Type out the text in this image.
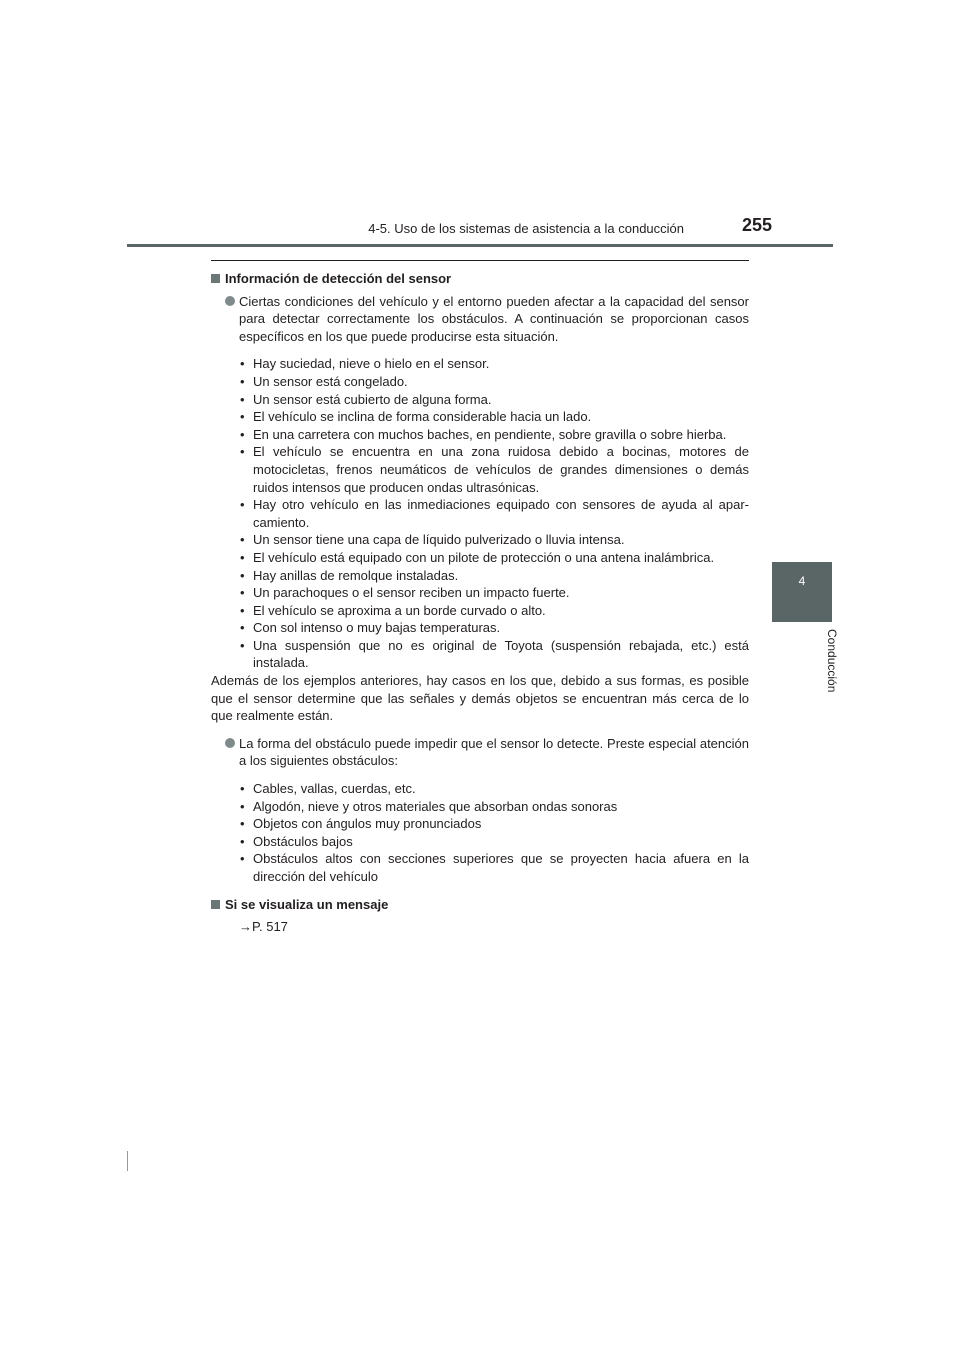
4-5. Uso de los sistemas de asistencia a la conducción	255
4
Conducción
Información de detección del sensor
Ciertas condiciones del vehículo y el entorno pueden afectar a la capacidad del sensor para detectar correctamente los obstáculos. A continuación se proporcionan casos específicos en los que puede producirse esta situación.
• Hay suciedad, nieve o hielo en el sensor.
• Un sensor está congelado.
• Un sensor está cubierto de alguna forma.
• El vehículo se inclina de forma considerable hacia un lado.
• En una carretera con muchos baches, en pendiente, sobre gravilla o sobre hierba.
• El vehículo se encuentra en una zona ruidosa debido a bocinas, motores de motocicletas, frenos neumáticos de vehículos de grandes dimensiones o demás ruidos intensos que producen ondas ultrasónicas.
• Hay otro vehículo en las inmediaciones equipado con sensores de ayuda al aparcamiento.
• Un sensor tiene una capa de líquido pulverizado o lluvia intensa.
• El vehículo está equipado con un pilote de protección o una antena inalámbrica.
• Hay anillas de remolque instaladas.
• Un parachoques o el sensor reciben un impacto fuerte.
• El vehículo se aproxima a un borde curvado o alto.
• Con sol intenso o muy bajas temperaturas.
• Una suspensión que no es original de Toyota (suspensión rebajada, etc.) está instalada.
Además de los ejemplos anteriores, hay casos en los que, debido a sus formas, es posible que el sensor determine que las señales y demás objetos se encuentran más cerca de lo que realmente están.
La forma del obstáculo puede impedir que el sensor lo detecte. Preste especial atención a los siguientes obstáculos:
• Cables, vallas, cuerdas, etc.
• Algodón, nieve y otros materiales que absorban ondas sonoras
• Objetos con ángulos muy pronunciados
• Obstáculos bajos
• Obstáculos altos con secciones superiores que se proyecten hacia afuera en la dirección del vehículo
Si se visualiza un mensaje
→P. 517
